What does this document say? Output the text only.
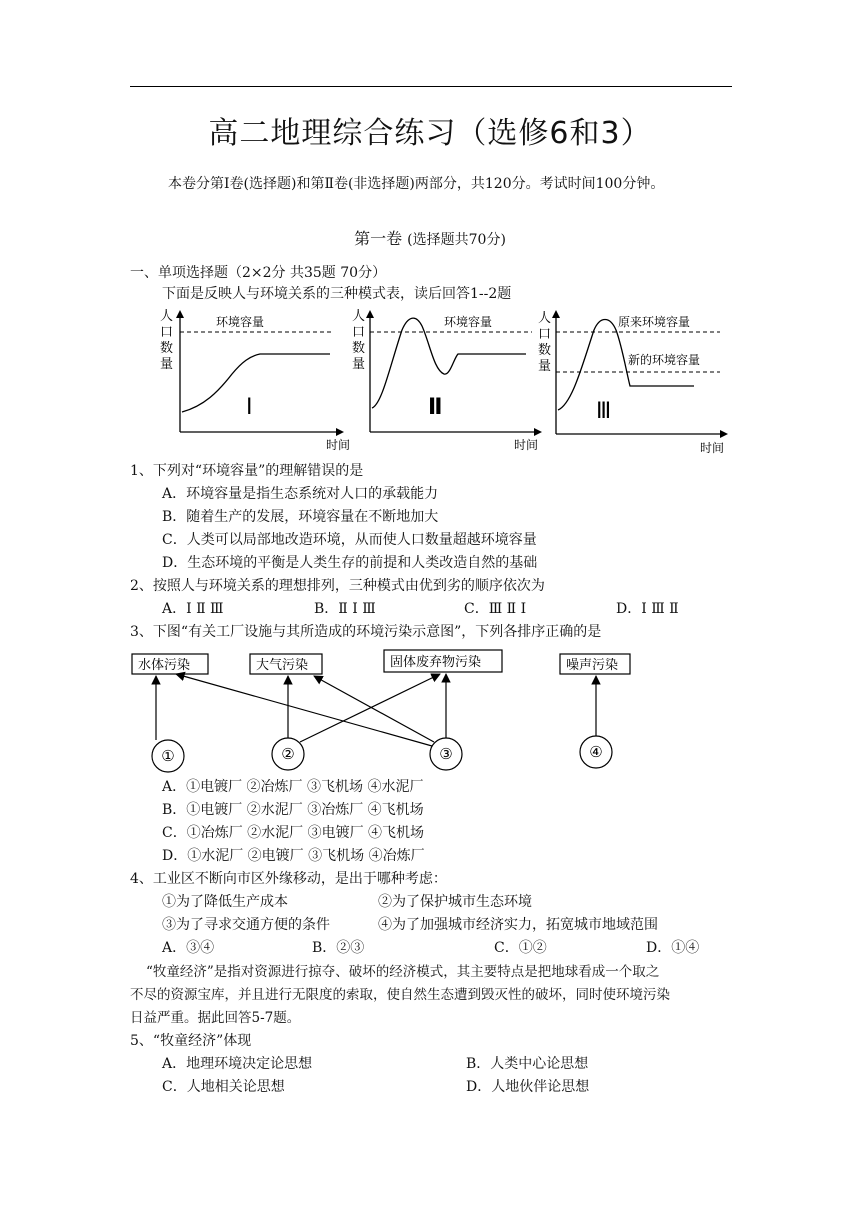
高二地理综合练习（选修6和3）
本卷分第Ⅰ卷(选择题)和第Ⅱ卷(非选择题)两部分，共120分。考试时间100分钟。
第一卷 (选择题共70分)
一、单项选择题（2×2分 共35题 70分）
下面是反映人与环境关系的三种模式表，读后回答1--2题
人
口
数
量
环境容量
Ⅰ
时间
人
口
数
量
环境容量
Ⅱ
时间
人
口
数
量
原来环境容量
新的环境容量
Ⅲ
时间
1、下列对“环境容量”的理解错误的是
A．环境容量是指生态系统对人口的承载能力
B．随着生产的发展，环境容量在不断地加大
C．人类可以局部地改造环境，从而使人口数量超越环境容量
D．生态环境的平衡是人类生存的前提和人类改造自然的基础
2、按照人与环境关系的理想排列，三种模式由优到劣的顺序依次为
A．Ⅰ Ⅱ Ⅲ	B．Ⅱ Ⅰ Ⅲ	C．Ⅲ Ⅱ Ⅰ	D．Ⅰ Ⅲ Ⅱ
3、下图“有关工厂设施与其所造成的环境污染示意图”，下列各排序正确的是
水体污染	大气污染	固体废弃物污染	噪声污染
①	②	③	④
A．①电镀厂 ②冶炼厂 ③飞机场 ④水泥厂
B．①电镀厂 ②水泥厂 ③冶炼厂 ④飞机场
C．①冶炼厂 ②水泥厂 ③电镀厂 ④飞机场
D．①水泥厂 ②电镀厂 ③飞机场 ④冶炼厂
4、工业区不断向市区外缘移动，是出于哪种考虑：
①为了降低生产成本	②为了保护城市生态环境
③为了寻求交通方便的条件	④为了加强城市经济实力，拓宽城市地域范围
A．③④	B．②③	C．①②	D．①④
“牧童经济”是指对资源进行掠夺、破坏的经济模式，其主要特点是把地球看成一个取之
不尽的资源宝库，并且进行无限度的索取，使自然生态遭到毁灭性的破坏，同时使环境污染
日益严重。据此回答5-7题。
5、“牧童经济”体现
A．地理环境决定论思想	B．人类中心论思想
C．人地相关论思想	D．人地伙伴论思想
